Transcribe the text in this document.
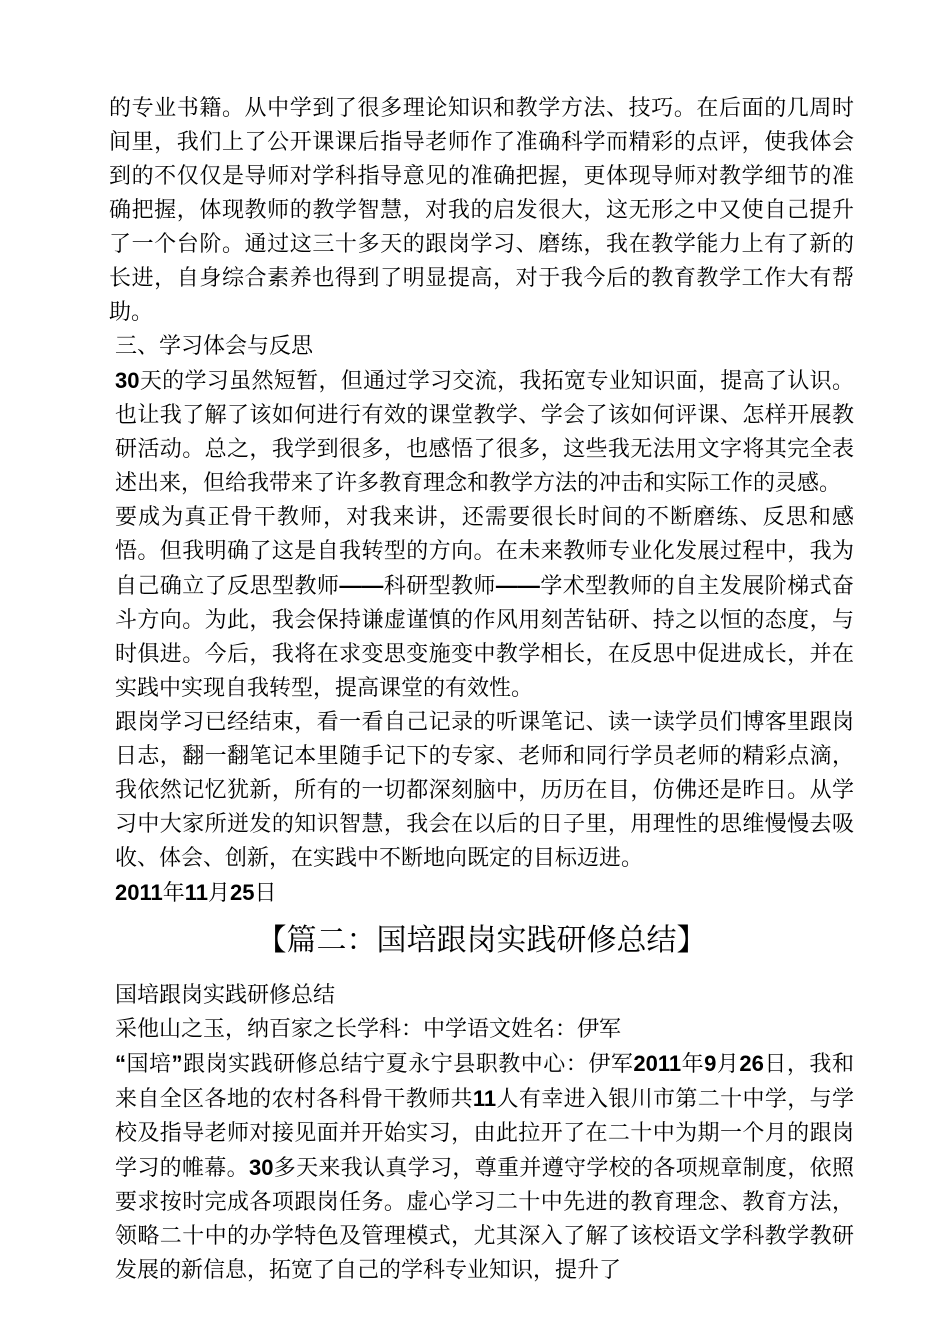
的专业书籍。从中学到了很多理论知识和教学方法、技巧。在后面的几周时间里，我们上了公开课课后指导老师作了准确科学而精彩的点评，使我体会到的不仅仅是导师对学科指导意见的准确把握，更体现导师对教学细节的准确把握，体现教师的教学智慧，对我的启发很大，这无形之中又使自己提升了一个台阶。通过这三十多天的跟岗学习、磨练，我在教学能力上有了新的长进，自身综合素养也得到了明显提高，对于我今后的教育教学工作大有帮助。

三、学习体会与反思

30天的学习虽然短暂，但通过学习交流，我拓宽专业知识面，提高了认识。也让我了解了该如何进行有效的课堂教学、学会了该如何评课、怎样开展教研活动。总之，我学到很多，也感悟了很多，这些我无法用文字将其完全表述出来，但给我带来了许多教育理念和教学方法的冲击和实际工作的灵感。

要成为真正骨干教师，对我来讲，还需要很长时间的不断磨练、反思和感悟。但我明确了这是自我转型的方向。在未来教师专业化发展过程中，我为自己确立了反思型教师——科研型教师——学术型教师的自主发展阶梯式奋斗方向。为此，我会保持谦虚谨慎的作风用刻苦钻研、持之以恒的态度，与时俱进。今后，我将在求变思变施变中教学相长，在反思中促进成长，并在实践中实现自我转型，提高课堂的有效性。

跟岗学习已经结束，看一看自己记录的听课笔记、读一读学员们博客里跟岗日志，翻一翻笔记本里随手记下的专家、老师和同行学员老师的精彩点滴，我依然记忆犹新，所有的一切都深刻脑中，历历在目，仿佛还是昨日。从学习中大家所迸发的知识智慧，我会在以后的日子里，用理性的思维慢慢去吸收、体会、创新，在实践中不断地向既定的目标迈进。

2011年11月25日

【篇二：国培跟岗实践研修总结】

国培跟岗实践研修总结

采他山之玉，纳百家之长学科：中学语文姓名：伊军

“国培”跟岗实践研修总结宁夏永宁县职教中心：伊军2011年9月26日，我和来自全区各地的农村各科骨干教师共11人有幸进入银川市第二十中学，与学校及指导老师对接见面并开始实习，由此拉开了在二十中为期一个月的跟岗学习的帷幕。30多天来我认真学习，尊重并遵守学校的各项规章制度，依照要求按时完成各项跟岗任务。虚心学习二十中先进的教育理念、教育方法，领略二十中的办学特色及管理模式，尤其深入了解了该校语文学科教学教研发展的新信息，拓宽了自己的学科专业知识，提升了
